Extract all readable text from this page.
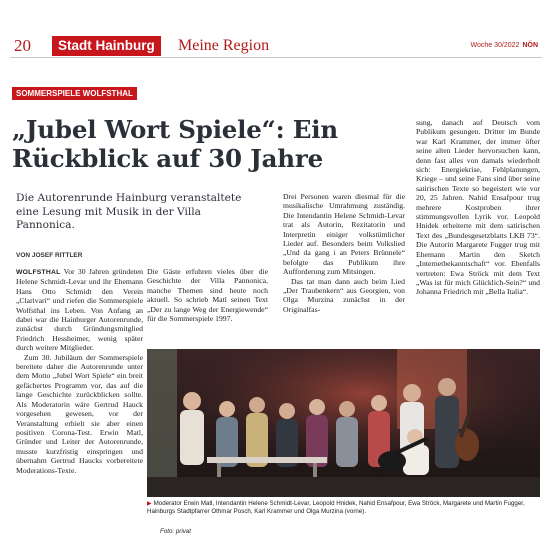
20	Stadt Hainburg	Meine Region	Woche 30/2022 NÖN
SOMMERSPIELE WOLFSTHAL
„Jubel Wort Spiele“: Ein Rückblick auf 30 Jahre

Die Autorenrunde Hainburg veranstaltete eine Lesung mit Musik in der Villa Pannonica.

VON JOSEF RITTLER

WOLFSTHAL Vor 30 Jahren gründeten Helene Schmidt-Levar und ihr Ehemann Hans Otto Schmidt den Verein „Clarivari“ und riefen die Sommerspiele Wolfsthal ins Leben. Von Anfang an dabei war die Hainburger Autorenrunde, zunächst durch Gründungsmitglied Friedrich Hessheimer, wenig später durch weitere Mitglieder.

Zum 30. Jubiläum der Sommerspiele bereitete daher die Autorenrunde unter dem Motto „Jubel Wort Spiele“ ein breit gefächertes Programm vor, das auf die lange Geschichte zurückblicken sollte. Als Moderatorin wäre Gertrud Hauck vorgesehen gewesen, vor der Veranstaltung erhielt sie aber einen positiven Corona-Test. Erwin Matl, Gründer und Leiter der Autorenrunde, musste kurzfristig einspringen und übernahm Gertrud Haucks vorbereitete Moderations-Texte.

Die Gäste erfuhren vieles über die Geschichte der Villa Pannonica, manche Themen sind heute noch aktuell. So schrieb Matl seinen Text „Der zu lange Weg der Energiewende“ für die Sommerspiele 1997.

Drei Personen waren diesmal für die musikalische Umrahmung zuständig. Die Intendantin Helene Schmidt-Levar trat als Autorin, Rezitatorin und Interpretin einiger volkstümlicher Lieder auf. Besonders beim Volkslied „Und da gang i an Peters Brünnele“ befolgte das Publikum ihre Aufforderung zum Mitsingen.

Das tat man dann auch beim Lied „Der Traubenkern“ aus Georgien, von Olga Murzina zunächst in der Originalfas-

sung, danach auf Deutsch vom Publikum gesungen. Dritter im Bunde war Karl Krammer, der immer öfter seine alten Lieder hervorsuchen kann, denn fast alles von damals wiederholt sich: Energiekrise, Fehlplanungen, Kriege – und seine Fans sind über seine satirischen Texte so begeistert wie vor 20, 25 Jahren. Nahid Ensafpour trug mehrere Kostproben ihrer stimmungsvollen Lyrik vor. Leopold Hnidek erheiterte mit dem satirischen Text des „Bundesgesetzblatts LKB 73“. Die Autorin Margarete Fugger trug mit Ehemann Martin den Sketch „Internetbekanntschaft“ vor. Ebenfalls vertreten: Ewa Ströck mit dem Text „Was ist für mich Glücklich-Sein?“ und Johanna Friedrich mit „Bella Italia“.

▶ Moderator Erwin Matl, Intendantin Helene Schmidt-Levar, Leopold Hnidek, Nahid Ensafpour, Ewa Ströck, Margarete und Martin Fugger, Hainburgs Stadtpfarrer Othmar Posch, Karl Krammer und Olga Murzina (vorne).
Foto: privat
